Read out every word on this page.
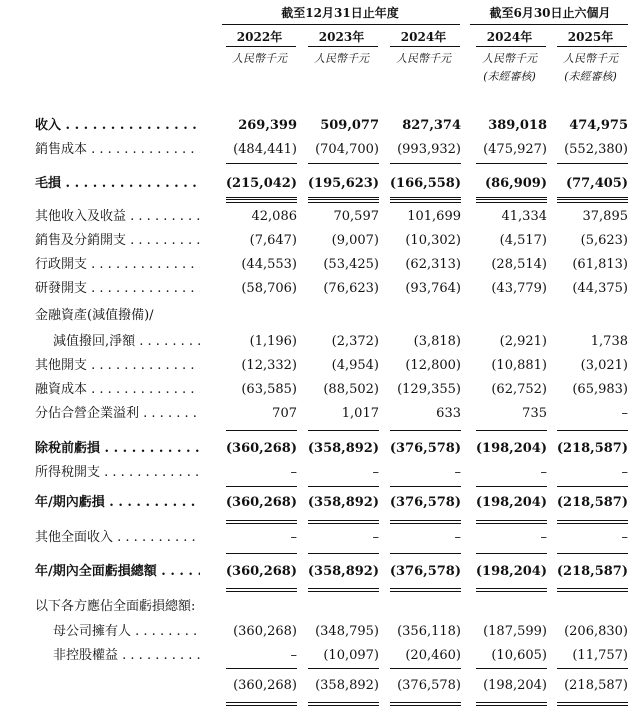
截至12月31日止年度	截至6月30日止六個月
2022年	2023年	2024年	2024年	2025年
人民幣千元	人民幣千元	人民幣千元	人民幣千元	人民幣千元
(未經審核)	(未經審核)
收入 . . .	269,399	509,077	827,374	389,018	474,975
銷售成本 . . .	(484,441)	(704,700)	(993,932)	(475,927)	(552,380)
毛損 . . .	(215,042) (195,623) (166,558)	(86,909)	(77,405)
其他收入及收益 . . .	42,086	70,597	101,699	41,334	37,895
銷售及分銷開支 . . .	(7,647)	(9,007)	(10,302)	(4,517)	(5,623)
行政開支 . . .	(44,553)	(53,425)	(62,313)	(28,514)	(61,813)
研發開支 . . .	(58,706)	(76,623)	(93,764)	(43,779)	(44,375)
金融資產(減值撥備)/
減值撥回,淨額 . . .	(1,196)	(2,372)	(3,818)	(2,921)	1,738
其他開支 . . .	(12,332)	(4,954)	(12,800)	(10,881)	(3,021)
融資成本 . . .	(63,585)	(88,502)	(129,355)	(62,752)	(65,983)
分佔合營企業溢利 . . .	707	1,017	633	735	–
除稅前虧損 . . .	(360,268) (358,892) (376,578) (198,204) (218,587)
所得稅開支 . . .	–	–	–	–	–
年/期內虧損 . . .	(360,268) (358,892) (376,578) (198,204) (218,587)
其他全面收入 . . .	–	–	–	–	–
年/期內全面虧損總額 . . .	(360,268) (358,892) (376,578) (198,204) (218,587)
以下各方應佔全面虧損總額:
母公司擁有人 . . .	(360,268)	(348,795)	(356,118)	(187,599)	(206,830)
非控股權益 . . .	–	(10,097)	(20,460)	(10,605)	(11,757)
(360,268)	(358,892)	(376,578)	(198,204)	(218,587)
